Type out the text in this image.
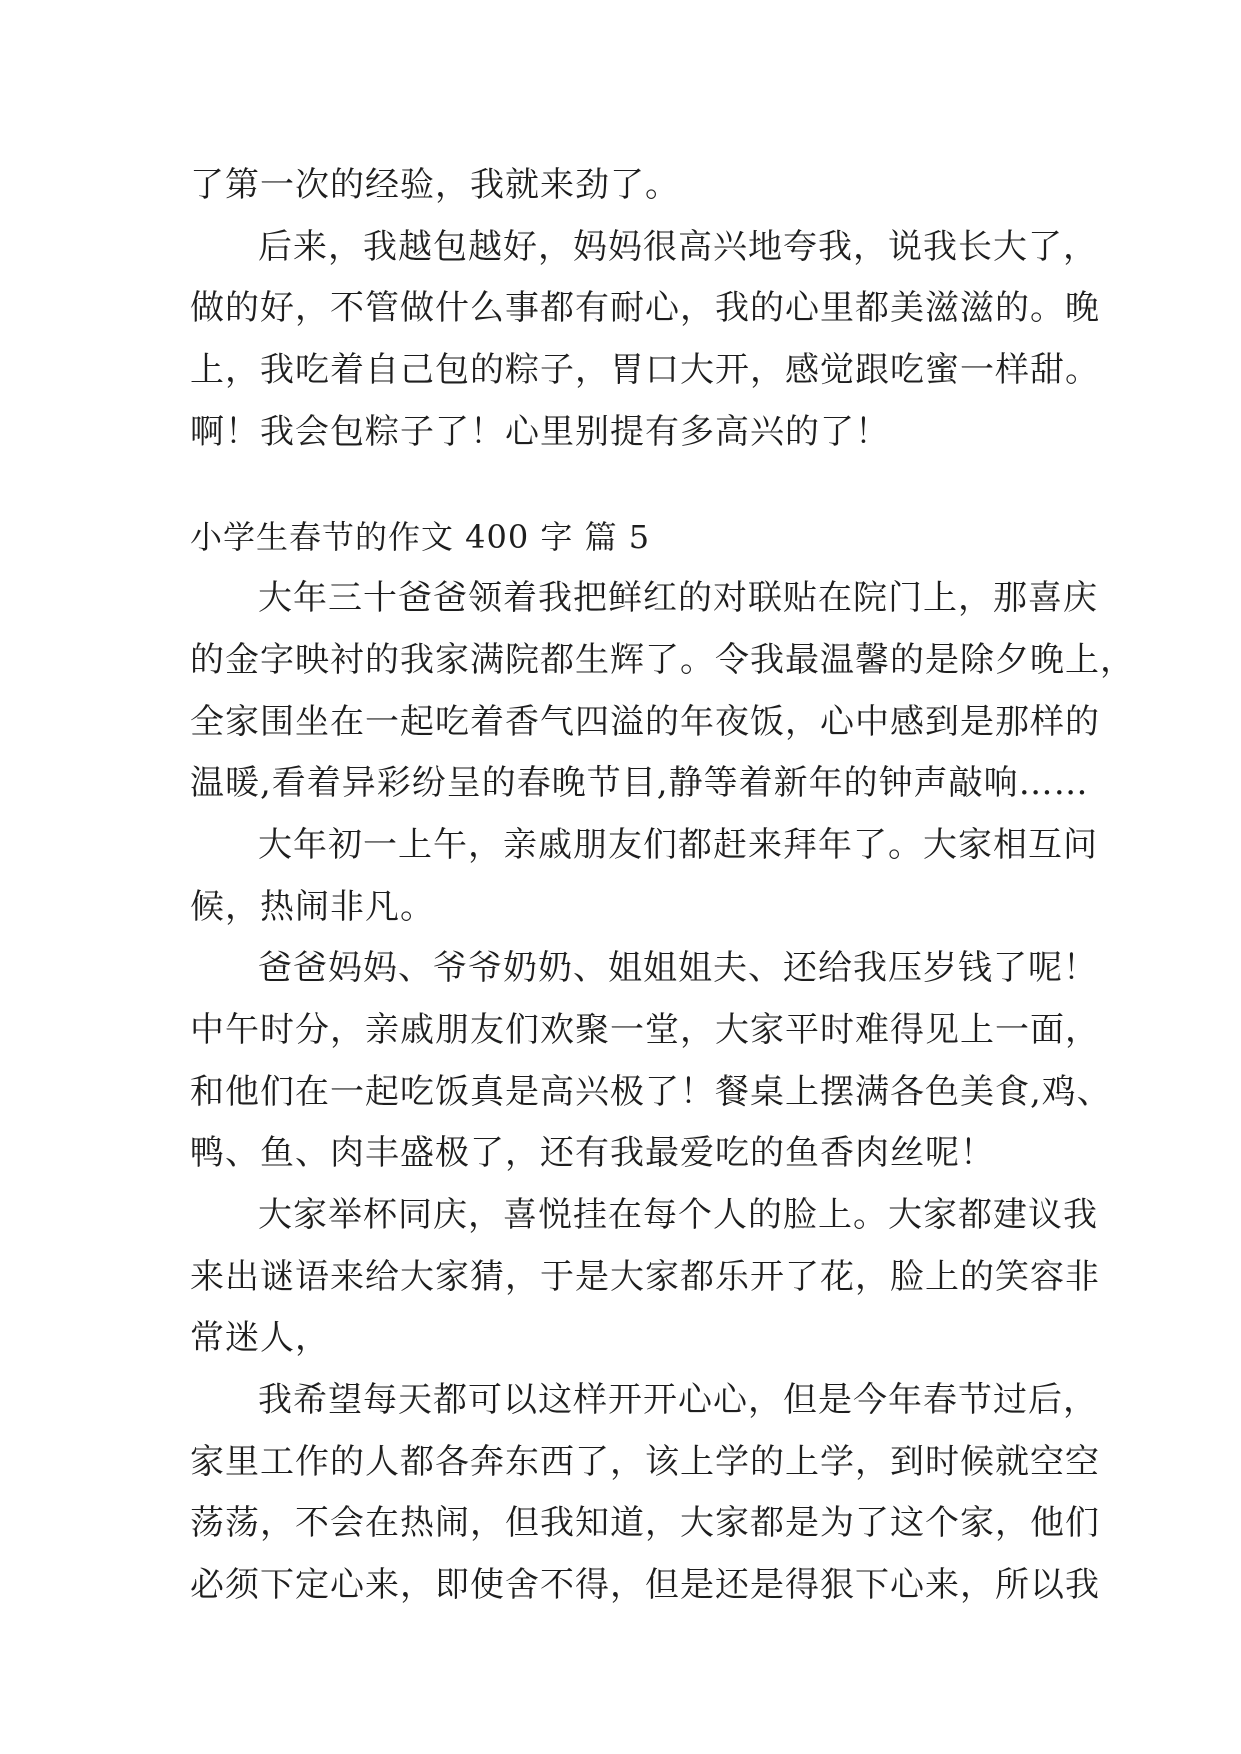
了第一次的经验，我就来劲了。
后来，我越包越好，妈妈很高兴地夸我，说我长大了，
做的好，不管做什么事都有耐心，我的心里都美滋滋的。晚
上，我吃着自己包的粽子，胃口大开，感觉跟吃蜜一样甜。
啊！我会包粽子了！心里别提有多高兴的了！
小学生春节的作文 400 字 篇 5
大年三十爸爸领着我把鲜红的对联贴在院门上，那喜庆
的金字映衬的我家满院都生辉了。令我最温馨的是除夕晚上，
全家围坐在一起吃着香气四溢的年夜饭，心中感到是那样的
温暖,看着异彩纷呈的春晚节目,静等着新年的钟声敲响……
大年初一上午，亲戚朋友们都赶来拜年了。大家相互问
候，热闹非凡。
爸爸妈妈、爷爷奶奶、姐姐姐夫、还给我压岁钱了呢！
中午时分，亲戚朋友们欢聚一堂，大家平时难得见上一面，
和他们在一起吃饭真是高兴极了！餐桌上摆满各色美食,鸡、
鸭、鱼、肉丰盛极了，还有我最爱吃的鱼香肉丝呢！
大家举杯同庆，喜悦挂在每个人的脸上。大家都建议我
来出谜语来给大家猜，于是大家都乐开了花，脸上的笑容非
常迷人，
我希望每天都可以这样开开心心，但是今年春节过后，
家里工作的人都各奔东西了，该上学的上学，到时候就空空
荡荡，不会在热闹，但我知道，大家都是为了这个家，他们
必须下定心来，即使舍不得，但是还是得狠下心来，所以我
